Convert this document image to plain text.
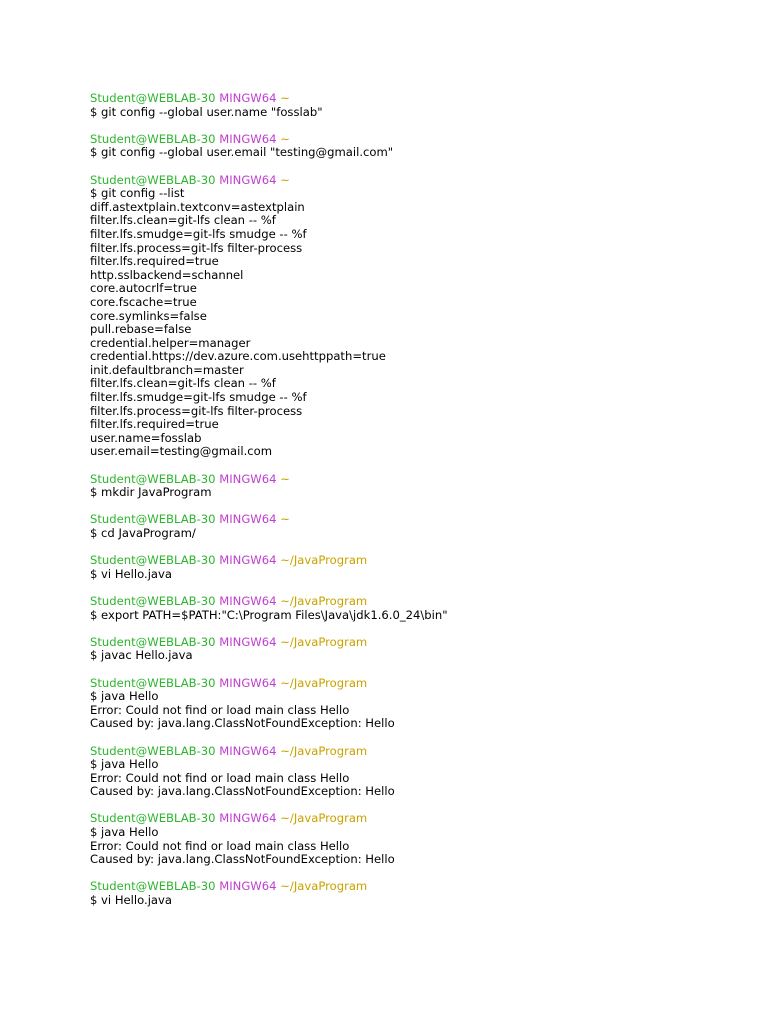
Student@WEBLAB-30 MINGW64 ~
$ git config --global user.name "fosslab"
Student@WEBLAB-30 MINGW64 ~
$ git config --global user.email "testing@gmail.com"
Student@WEBLAB-30 MINGW64 ~
$ git config --list
diff.astextplain.textconv=astextplain
filter.lfs.clean=git-lfs clean -- %f
filter.lfs.smudge=git-lfs smudge -- %f
filter.lfs.process=git-lfs filter-process
filter.lfs.required=true
http.sslbackend=schannel
core.autocrlf=true
core.fscache=true
core.symlinks=false
pull.rebase=false
credential.helper=manager
credential.https://dev.azure.com.usehttppath=true
init.defaultbranch=master
filter.lfs.clean=git-lfs clean -- %f
filter.lfs.smudge=git-lfs smudge -- %f
filter.lfs.process=git-lfs filter-process
filter.lfs.required=true
user.name=fosslab
user.email=testing@gmail.com
Student@WEBLAB-30 MINGW64 ~
$ mkdir JavaProgram
Student@WEBLAB-30 MINGW64 ~
$ cd JavaProgram/
Student@WEBLAB-30 MINGW64 ~/JavaProgram
$ vi Hello.java
Student@WEBLAB-30 MINGW64 ~/JavaProgram
$ export PATH=$PATH:"C:\Program Files\Java\jdk1.6.0_24\bin"
Student@WEBLAB-30 MINGW64 ~/JavaProgram
$ javac Hello.java
Student@WEBLAB-30 MINGW64 ~/JavaProgram
$ java Hello
Error: Could not find or load main class Hello
Caused by: java.lang.ClassNotFoundException: Hello
Student@WEBLAB-30 MINGW64 ~/JavaProgram
$ java Hello
Error: Could not find or load main class Hello
Caused by: java.lang.ClassNotFoundException: Hello
Student@WEBLAB-30 MINGW64 ~/JavaProgram
$ java Hello
Error: Could not find or load main class Hello
Caused by: java.lang.ClassNotFoundException: Hello
Student@WEBLAB-30 MINGW64 ~/JavaProgram
$ vi Hello.java
